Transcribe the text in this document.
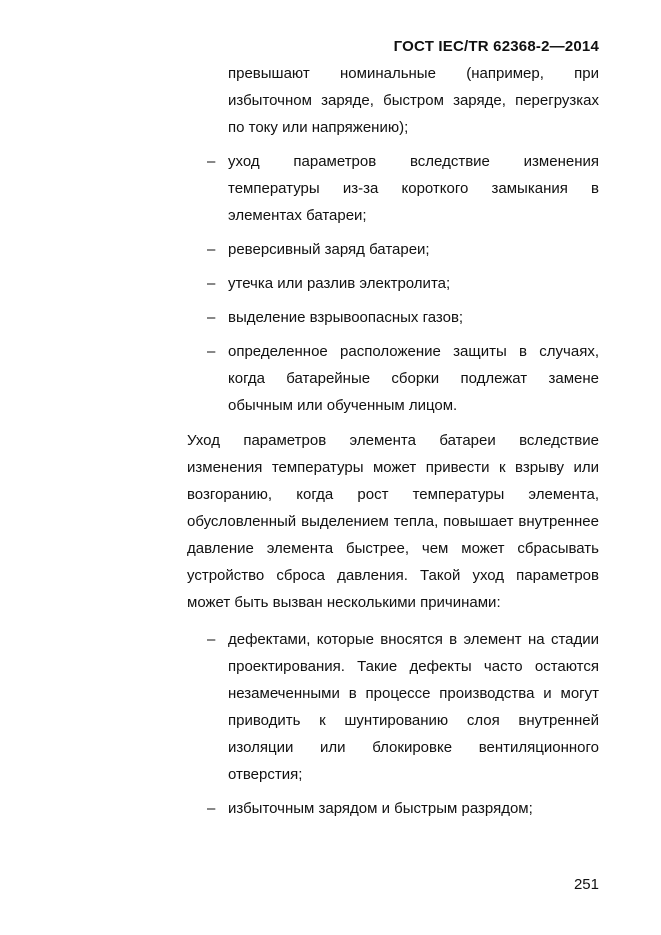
ГОСТ IEC/TR 62368-2—2014
превышают номинальные (например, при избыточном заряде, быстром заряде, перегрузках по току или напряжению);
– уход параметров вследствие изменения температуры из-за короткого замыкания в элементах батареи;
– реверсивный заряд батареи;
– утечка или разлив электролита;
– выделение взрывоопасных газов;
– определенное расположение защиты в случаях, когда батарейные сборки подлежат замене обычным или обученным лицом.
Уход параметров элемента батареи вследствие изменения температуры может привести к взрыву или возгоранию, когда рост температуры элемента, обусловленный выделением тепла, повышает внутреннее давление элемента быстрее, чем может сбрасывать устройство сброса давления. Такой уход параметров может быть вызван несколькими причинами:
– дефектами, которые вносятся в элемент на стадии проектирования. Такие дефекты часто остаются незамеченными в процессе производства и могут приводить к шунтированию слоя внутренней изоляции или блокировке вентиляционного отверстия;
– избыточным зарядом и быстрым разрядом;
251
